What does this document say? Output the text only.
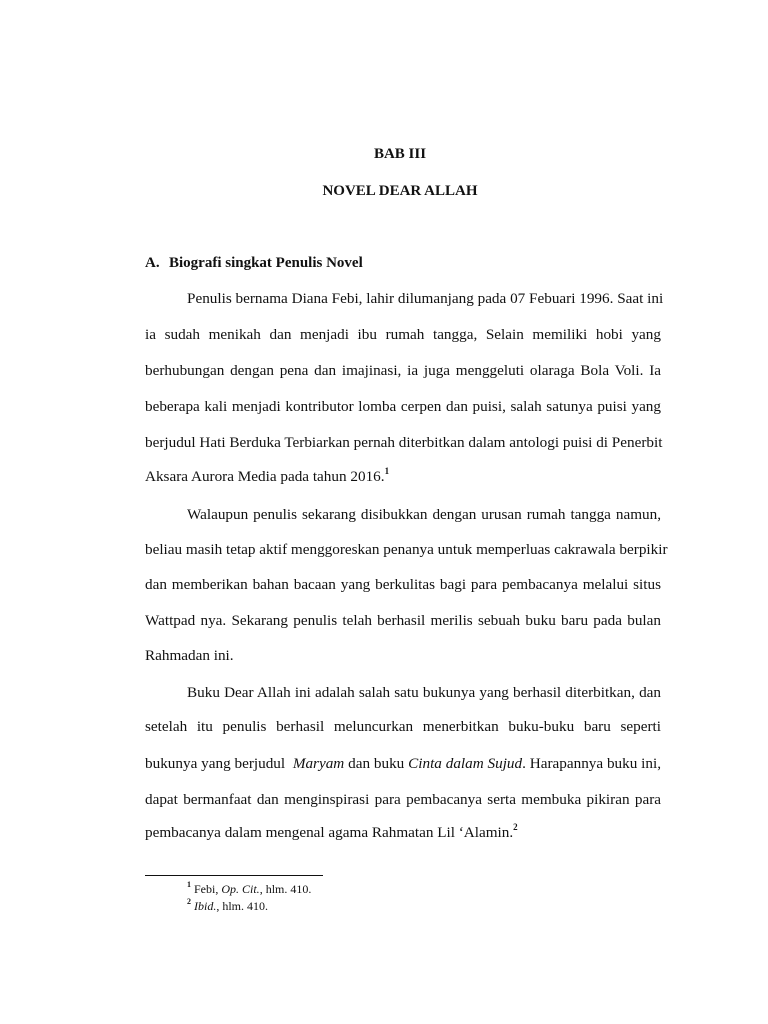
BAB III
NOVEL DEAR ALLAH
A. Biografi singkat Penulis Novel
Penulis bernama Diana Febi, lahir dilumanjang pada 07 Febuari 1996. Saat ini
ia sudah menikah dan menjadi ibu rumah tangga, Selain memiliki hobi yang
berhubungan dengan pena dan imajinasi, ia juga menggeluti olaraga Bola Voli. Ia
beberapa kali menjadi kontributor lomba cerpen dan puisi, salah satunya puisi yang
berjudul Hati Berduka Terbiarkan pernah diterbitkan dalam antologi puisi di Penerbit
Aksara Aurora Media pada tahun 2016.$^1$
Walaupun penulis sekarang disibukkan dengan urusan rumah tangga namun,
beliau masih tetap aktif menggoreskan penanya untuk memperluas cakrawala berpikir
dan memberikan bahan bacaan yang berkulitas bagi para pembacanya melalui situs
Wattpad nya. Sekarang penulis telah berhasil merilis sebuah buku baru pada bulan
Rahmadan ini.
Buku Dear Allah ini adalah salah satu bukunya yang berhasil diterbitkan, dan
setelah itu penulis berhasil meluncurkan menerbitkan buku-buku baru seperti
bukunya yang berjudul Maryam dan buku Cinta dalam Sujud. Harapannya buku ini,
dapat bermanfaat dan menginspirasi para pembacanya serta membuka pikiran para
pembacanya dalam mengenal agama Rahmatan Lil ‘Alamin.$^2$
$^1$ Febi, Op. Cit., hlm. 410.
$^2$ Ibid., hlm. 410.
